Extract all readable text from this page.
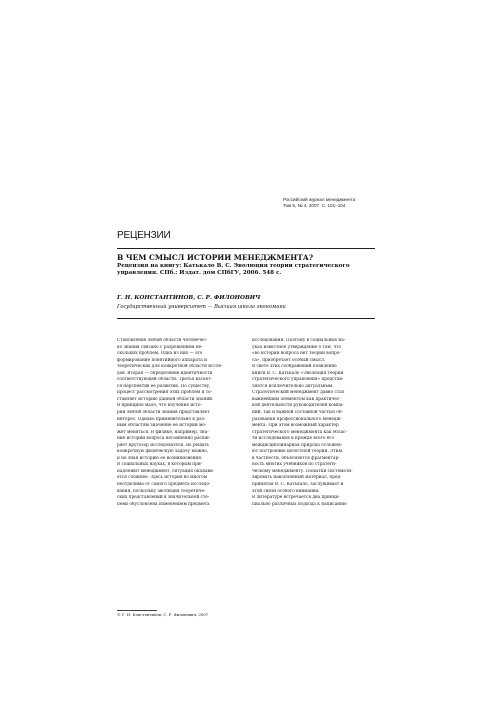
Российский журнал менеджмента
Том 5, № 4, 2007. С. 101–104
РЕЦЕНЗИИ
В ЧЕМ СМЫСЛ ИСТОРИИ МЕНЕДЖМЕНТА?
Рецензия на книгу: Катькало В. С. Эволюция теории стратегического
управления. СПб.: Издат. дом СПбГУ, 2006. 548 с.
Г. Н. КОНСТАНТИНОВ, С. Р. ФИЛОНОВИЧ
Государственный университет — Высшая школа экономики
Становление любой области человечес-
ко знания связано с разрешением не-
скольких проблем. Одна из них — это
формирование понятийного аппарата и
теоретических для конкретной области иссле-
дов. Вторая — определение идентичности
соответствующей области. Третья касает-
ся перспектив ее развития. По существу,
процесс рассмотрения этих проблем и со-
ставляет историю данной области знаний.
В принципе мало, что изучение исто-
рии любой области знания представляет
интерес. Однако применительно к раз-
ным областям значение ее истории мо-
жет меняться. В физике, например, зна-
ние истории вопроса несомненно расши-
ряет кругозор исследователя, но решать
конкретную физическую задачу можно,
и не зная историю ее возникновения.
В социальных науках, в которым при-
надлежит менеджмент, ситуация оказыва-
ется сложнее. Здесь история во многом
неотделима от самого предмета исследо-
вания, поскольку эволюция теоретиче-
ских представлений в значительной сте-
пени обусловлена изменением предмета
исследования. Поэтому в социальных на-
уках известное утверждение о том, что
«во истории вопроса нет теории вопро-
са», приобретает особый смысл.
В свете этих соображений появление
книги В. С. Катькало «Эволюция теории
стратегического управления» представ-
ляется исключительно актуальным.
Стратегический менеджмент давно стал
важнейшим элементом как практичес-
кой деятельности руководителей компа-
ний, так и важной составной частью об-
разования профессионального менедж-
мента. При этом возможный характер
стратегического менеджмента как облас-
ти исследования в прежде всего его
междисциплинарная природа осложня-
ют построение целостной теории. Этим,
в частности, объясняется фрагментар-
ность многих учебников по стратеги-
ческому менеджменту. Попытки системати-
зировать накопленный материал, пред-
принятая В. С. Катькало, заслуживает и
этой связи особого внимания.
В литературе встречается два принци-
пиально различных подхода к написанию
© Г. Н. Константинов, С. Р. Филонович, 2007
